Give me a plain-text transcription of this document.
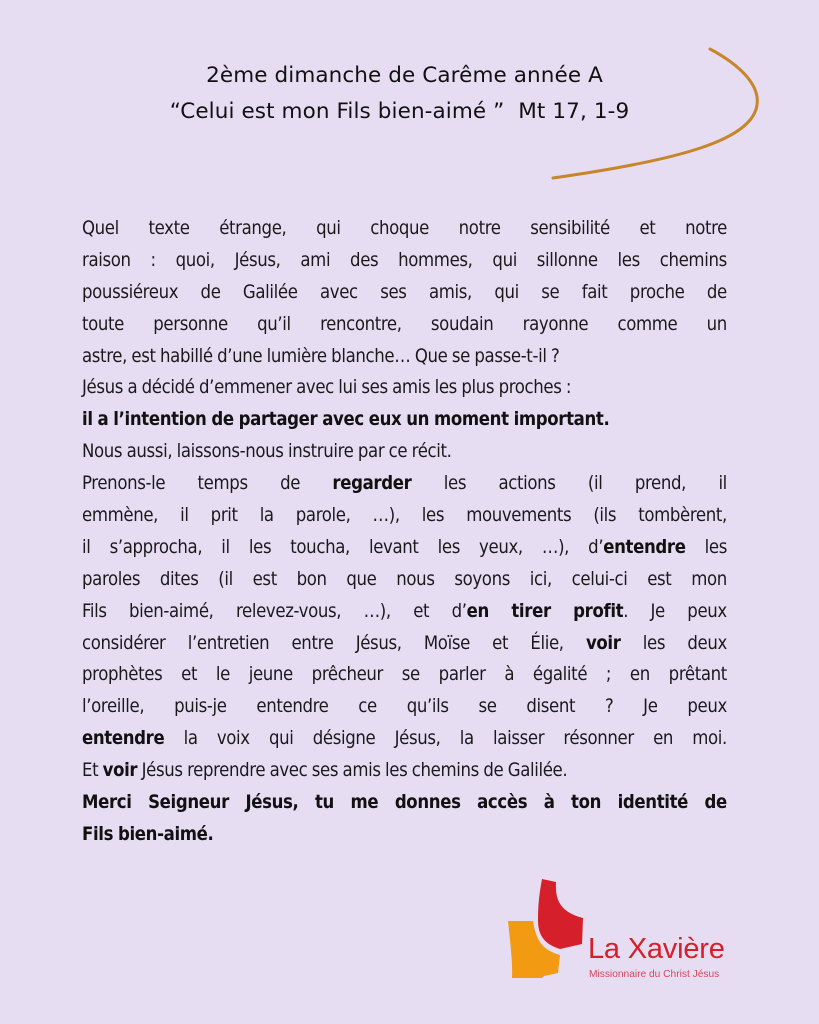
2ème dimanche de Carême année A
“Celui est mon Fils bien-aimé ”  Mt 17, 1-9
Quel texte étrange, qui choque notre sensibilité et notre
raison : quoi, Jésus, ami des hommes, qui sillonne les chemins
poussiéreux de Galilée avec ses amis, qui se fait proche de
toute personne qu’il rencontre, soudain rayonne comme un
astre, est habillé d’une lumière blanche… Que se passe-t-il ?
Jésus a décidé d’emmener avec lui ses amis les plus proches :
il a l’intention de partager avec eux un moment important.
Nous aussi, laissons-nous instruire par ce récit.
Prenons-le temps de regarder les actions (il prend, il
emmène, il prit la parole, …), les mouvements (ils tombèrent,
il s’approcha, il les toucha, levant les yeux, …), d’entendre les
paroles dites (il est bon que nous soyons ici, celui-ci est mon
Fils bien-aimé, relevez-vous, …), et d’en tirer profit. Je peux
considérer l’entretien entre Jésus, Moïse et Élie, voir les deux
prophètes et le jeune prêcheur se parler à égalité ; en prêtant
l’oreille, puis-je entendre ce qu’ils se disent ? Je peux
entendre la voix qui désigne Jésus, la laisser résonner en moi.
Et voir Jésus reprendre avec ses amis les chemins de Galilée.
Merci Seigneur Jésus, tu me donnes accès à ton identité de
Fils bien-aimé.
La Xavière
Missionnaire du Christ Jésus
